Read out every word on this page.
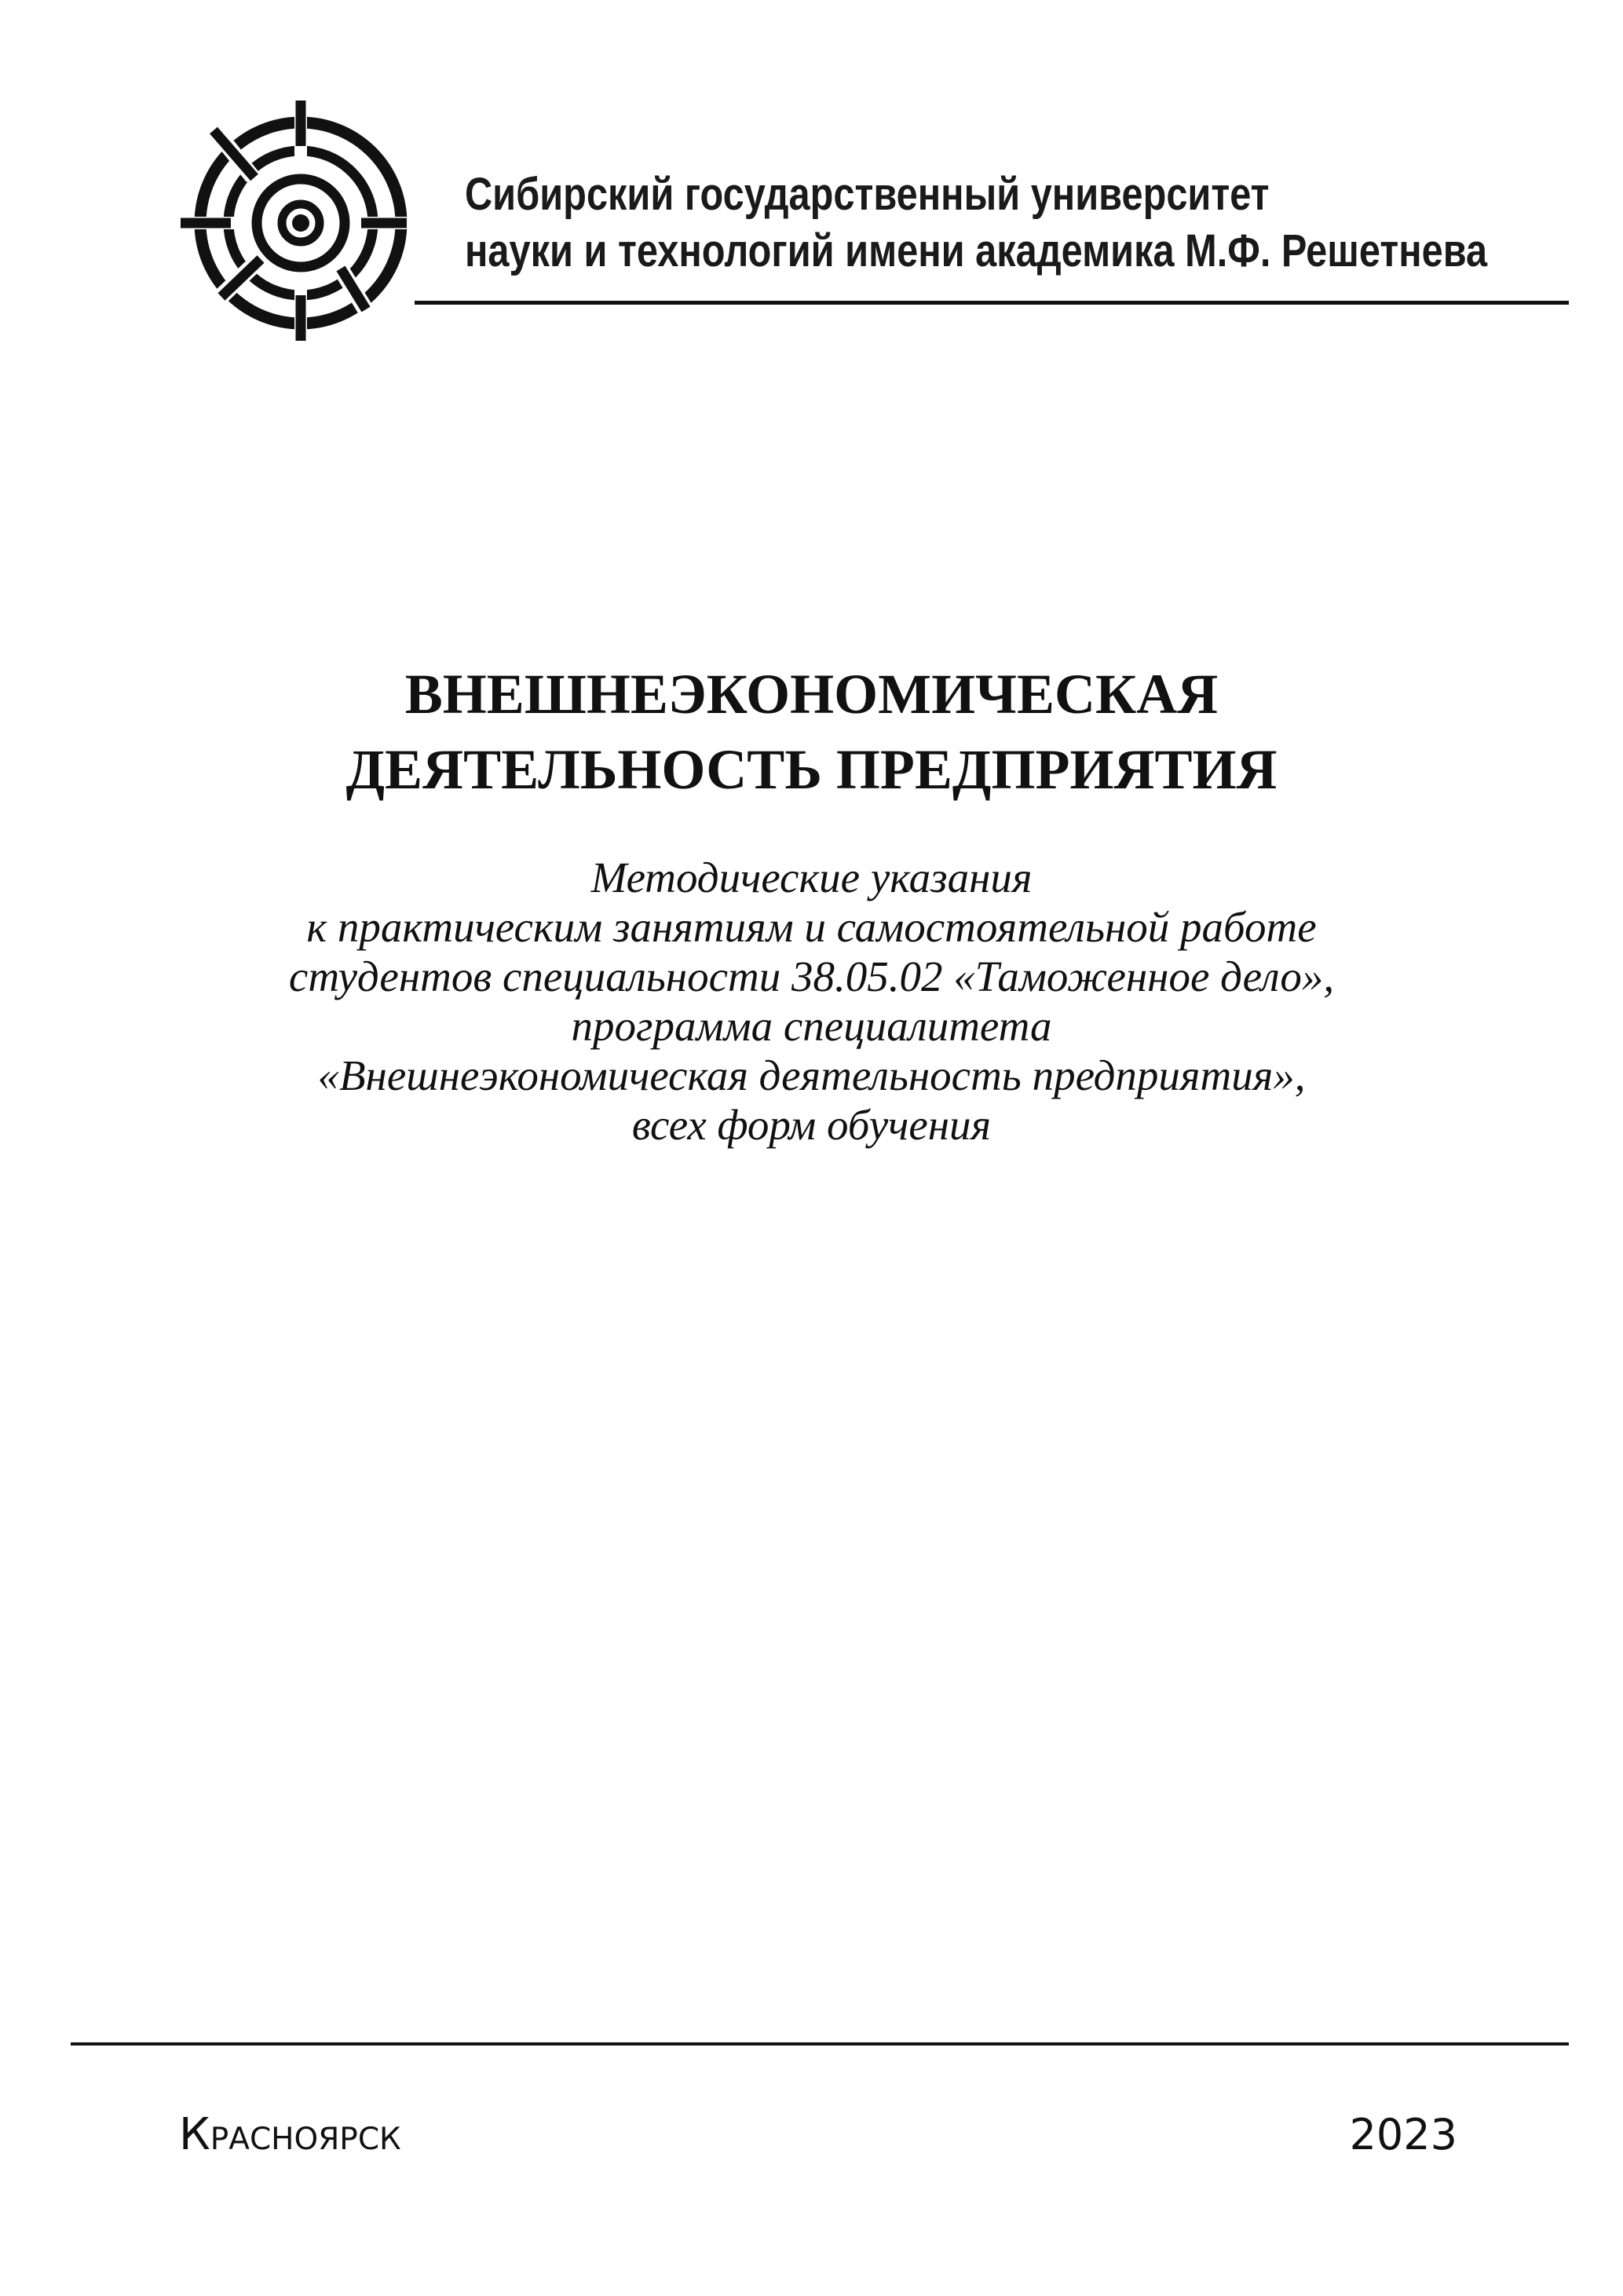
Сибирский государственный университет
науки и технологий имени академика М.Ф. Решетнева
ВНЕШНЕЭКОНОМИЧЕСКАЯ
ДЕЯТЕЛЬНОСТЬ ПРЕДПРИЯТИЯ
Методические указания
к практическим занятиям и самостоятельной работе
студентов специальности 38.05.02 «Таможенное дело»,
программа специалитета
«Внешнеэкономическая деятельность предприятия»,
всех форм обучения
Красноярск	2023
